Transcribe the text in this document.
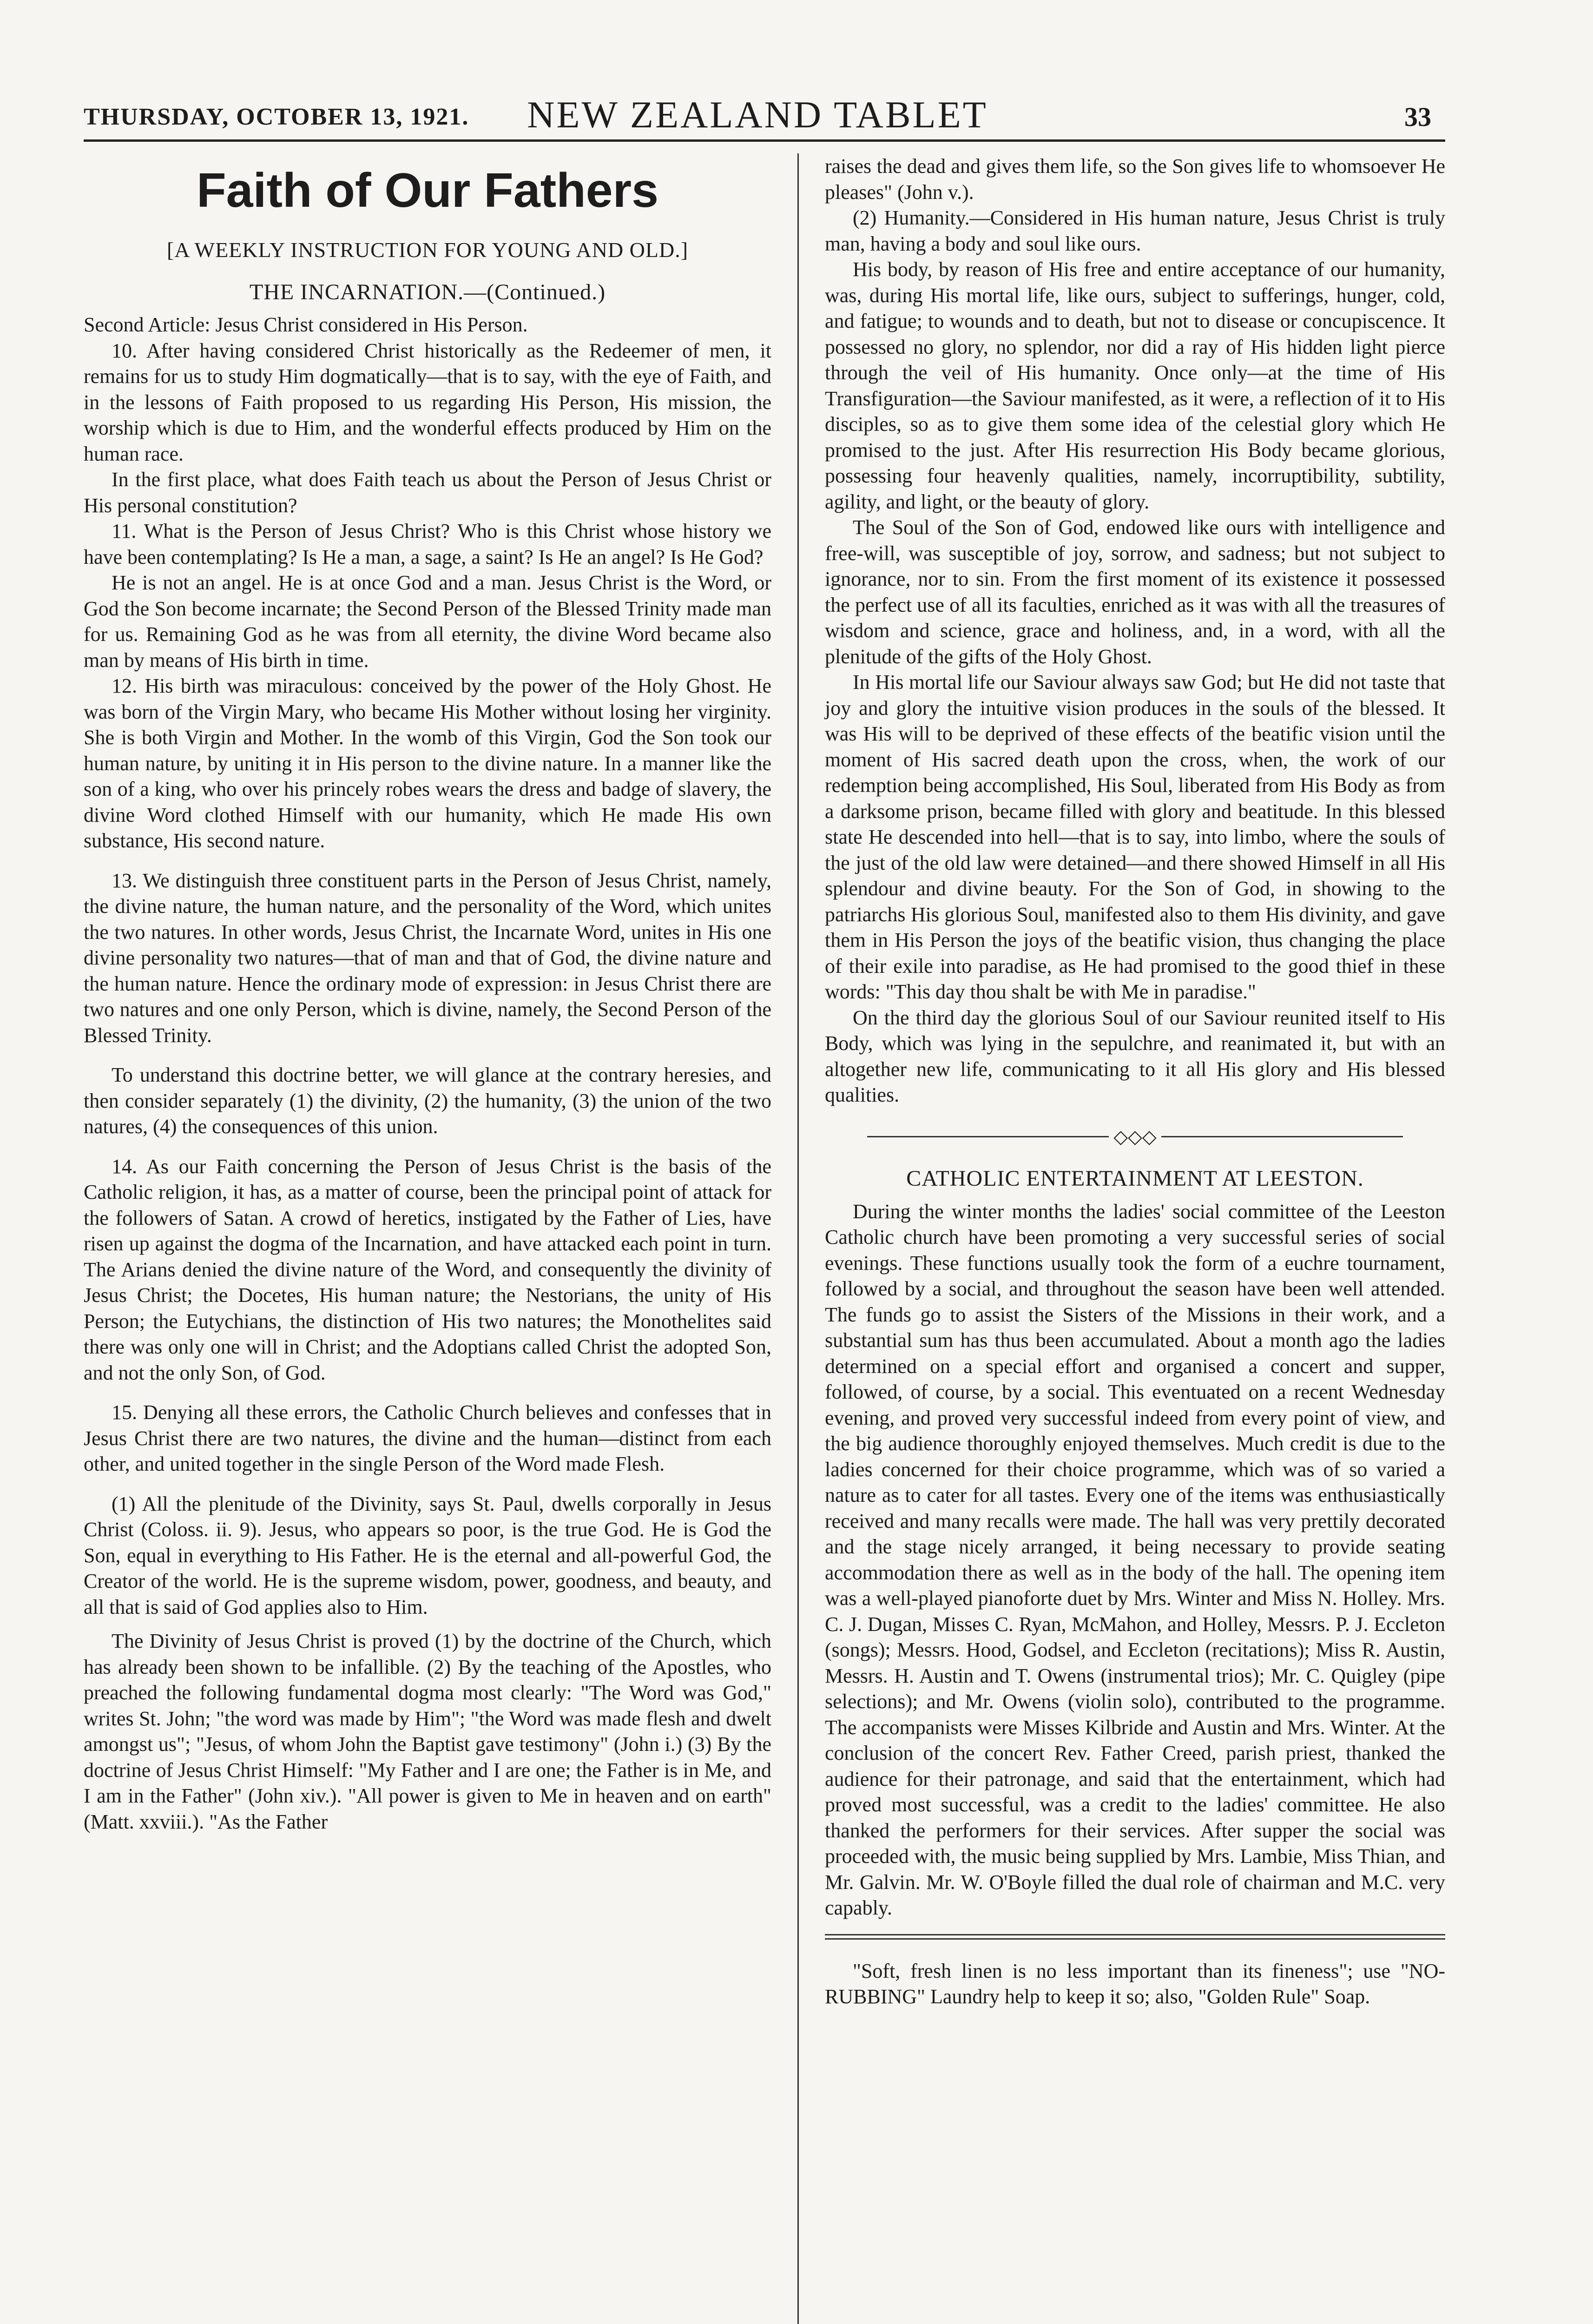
THURSDAY, OCTOBER 13, 1921.	NEW ZEALAND TABLET	33
Faith of Our Fathers
[A WEEKLY INSTRUCTION FOR YOUNG AND OLD.]
THE INCARNATION.—(Continued.)

Second Article: Jesus Christ considered in His Person.

10. After having considered Christ historically as the Redeemer of men, it remains for us to study Him dogmatically—that is to say, with the eye of Faith, and in the lessons of Faith proposed to us regarding His Person, His mission, the worship which is due to Him, and the wonderful effects produced by Him on the human race.

In the first place, what does Faith teach us about the Person of Jesus Christ or His personal constitution?

11. What is the Person of Jesus Christ? Who is this Christ whose history we have been contemplating? Is He a man, a sage, a saint? Is He an angel? Is He God?

He is not an angel. He is at once God and a man. Jesus Christ is the Word, or God the Son become incarnate; the Second Person of the Blessed Trinity made man for us. Remaining God as he was from all eternity, the divine Word became also man by means of His birth in time.

12. His birth was miraculous: conceived by the power of the Holy Ghost. He was born of the Virgin Mary, who became His Mother without losing her virginity. She is both Virgin and Mother. In the womb of this Virgin, God the Son took our human nature, by uniting it in His person to the divine nature. In a manner like the son of a king, who over his princely robes wears the dress and badge of slavery, the divine Word clothed Himself with our humanity, which He made His own substance, His second nature.

13. We distinguish three constituent parts in the Person of Jesus Christ, namely, the divine nature, the human nature, and the personality of the Word, which unites the two natures. In other words, Jesus Christ, the Incarnate Word, unites in His one divine personality two natures—that of man and that of God, the divine nature and the human nature. Hence the ordinary mode of expression: in Jesus Christ there are two natures and one only Person, which is divine, namely, the Second Person of the Blessed Trinity.

To understand this doctrine better, we will glance at the contrary heresies, and then consider separately (1) the divinity, (2) the humanity, (3) the union of the two natures, (4) the consequences of this union.

14. As our Faith concerning the Person of Jesus Christ is the basis of the Catholic religion, it has, as a matter of course, been the principal point of attack for the followers of Satan. A crowd of heretics, instigated by the Father of Lies, have risen up against the dogma of the Incarnation, and have attacked each point in turn. The Arians denied the divine nature of the Word, and consequently the divinity of Jesus Christ; the Docetes, His human nature; the Nestorians, the unity of His Person; the Eutychians, the distinction of His two natures; the Monothelites said there was only one will in Christ; and the Adoptians called Christ the adopted Son, and not the only Son, of God.

15. Denying all these errors, the Catholic Church believes and confesses that in Jesus Christ there are two natures, the divine and the human—distinct from each other, and united together in the single Person of the Word made Flesh.

(1) All the plenitude of the Divinity, says St. Paul, dwells corporally in Jesus Christ (Coloss. ii. 9). Jesus, who appears so poor, is the true God. He is God the Son, equal in everything to His Father. He is the eternal and all-powerful God, the Creator of the world. He is the supreme wisdom, power, goodness, and beauty, and all that is said of God applies also to Him.

The Divinity of Jesus Christ is proved (1) by the doctrine of the Church, which has already been shown to be infallible. (2) By the teaching of the Apostles, who preached the following fundamental dogma most clearly: "The Word was God," writes St. John; "the word was made by Him"; "the Word was made flesh and dwelt amongst us"; "Jesus, of whom John the Baptist gave testimony" (John i.) (3) By the doctrine of Jesus Christ Himself: "My Father and I are one; the Father is in Me, and I am in the Father" (John xiv.). "All power is given to Me in heaven and on earth" (Matt. xxviii.). "As the Father

raises the dead and gives them life, so the Son gives life to whomsoever He pleases" (John v.).

(2) Humanity.—Considered in His human nature, Jesus Christ is truly man, having a body and soul like ours.

His body, by reason of His free and entire acceptance of our humanity, was, during His mortal life, like ours, subject to sufferings, hunger, cold, and fatigue; to wounds and to death, but not to disease or concupiscence. It possessed no glory, no splendor, nor did a ray of His hidden light pierce through the veil of His humanity. Once only—at the time of His Transfiguration—the Saviour manifested, as it were, a reflection of it to His disciples, so as to give them some idea of the celestial glory which He promised to the just. After His resurrection His Body became glorious, possessing four heavenly qualities, namely, incorruptibility, subtility, agility, and light, or the beauty of glory.

The Soul of the Son of God, endowed like ours with intelligence and free-will, was susceptible of joy, sorrow, and sadness; but not subject to ignorance, nor to sin. From the first moment of its existence it possessed the perfect use of all its faculties, enriched as it was with all the treasures of wisdom and science, grace and holiness, and, in a word, with all the plenitude of the gifts of the Holy Ghost.

In His mortal life our Saviour always saw God; but He did not taste that joy and glory the intuitive vision produces in the souls of the blessed. It was His will to be deprived of these effects of the beatific vision until the moment of His sacred death upon the cross, when, the work of our redemption being accomplished, His Soul, liberated from His Body as from a darksome prison, became filled with glory and beatitude. In this blessed state He descended into hell—that is to say, into limbo, where the souls of the just of the old law were detained—and there showed Himself in all His splendour and divine beauty. For the Son of God, in showing to the patriarchs His glorious Soul, manifested also to them His divinity, and gave them in His Person the joys of the beatific vision, thus changing the place of their exile into paradise, as He had promised to the good thief in these words: "This day thou shalt be with Me in paradise."

On the third day the glorious Soul of our Saviour reunited itself to His Body, which was lying in the sepulchre, and reanimated it, but with an altogether new life, communicating to it all His glory and His blessed qualities.

◇◇◇
CATHOLIC ENTERTAINMENT AT LEESTON.

During the winter months the ladies' social committee of the Leeston Catholic church have been promoting a very successful series of social evenings. These functions usually took the form of a euchre tournament, followed by a social, and throughout the season have been well attended. The funds go to assist the Sisters of the Missions in their work, and a substantial sum has thus been accumulated. About a month ago the ladies determined on a special effort and organised a concert and supper, followed, of course, by a social. This eventuated on a recent Wednesday evening, and proved very successful indeed from every point of view, and the big audience thoroughly enjoyed themselves. Much credit is due to the ladies concerned for their choice programme, which was of so varied a nature as to cater for all tastes. Every one of the items was enthusiastically received and many recalls were made. The hall was very prettily decorated and the stage nicely arranged, it being necessary to provide seating accommodation there as well as in the body of the hall. The opening item was a well-played pianoforte duet by Mrs. Winter and Miss N. Holley. Mrs. C. J. Dugan, Misses C. Ryan, McMahon, and Holley, Messrs. P. J. Eccleton (songs); Messrs. Hood, Godsel, and Eccleton (recitations); Miss R. Austin, Messrs. H. Austin and T. Owens (instrumental trios); Mr. C. Quigley (pipe selections); and Mr. Owens (violin solo), contributed to the programme. The accompanists were Misses Kilbride and Austin and Mrs. Winter. At the conclusion of the concert Rev. Father Creed, parish priest, thanked the audience for their patronage, and said that the entertainment, which had proved most successful, was a credit to the ladies' committee. He also thanked the performers for their services. After supper the social was proceeded with, the music being supplied by Mrs. Lambie, Miss Thian, and Mr. Galvin. Mr. W. O'Boyle filled the dual role of chairman and M.C. very capably.

"Soft, fresh linen is no less important than its fineness"; use "NO-RUBBING" Laundry help to keep it so; also, "Golden Rule" Soap.
